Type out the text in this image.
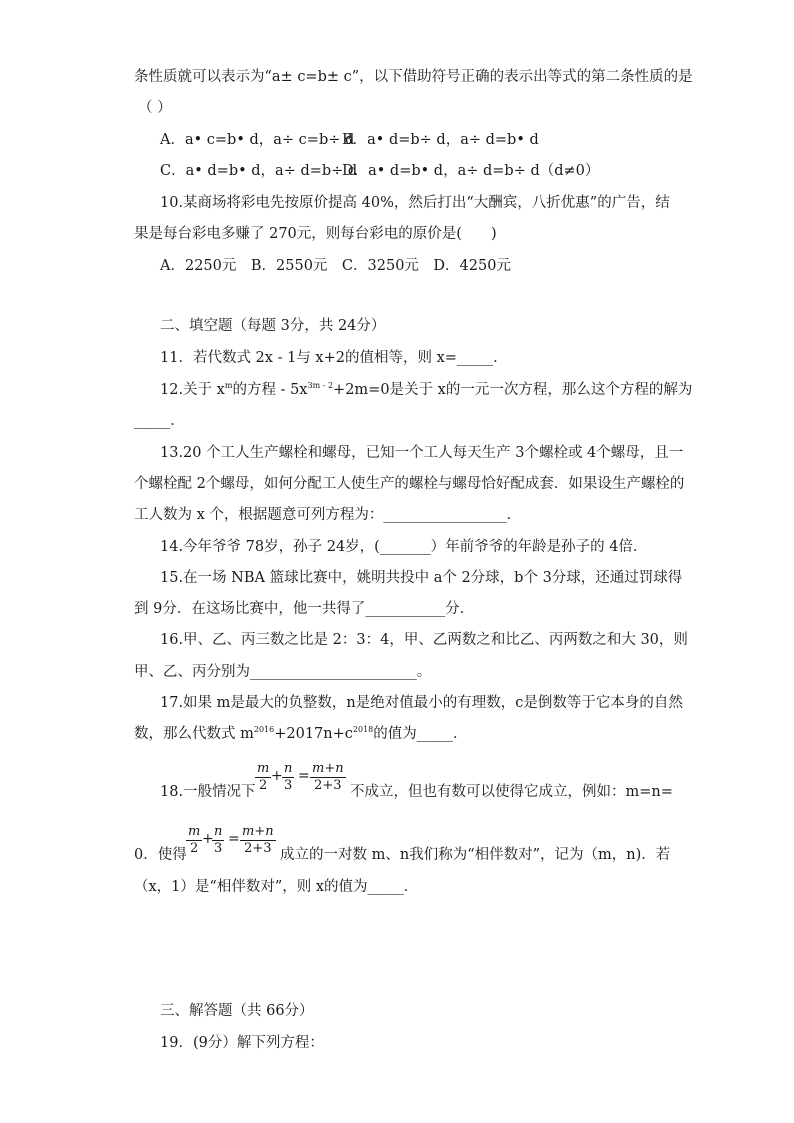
条性质就可以表示为“a± c=b± c”，以下借助符号正确的表示出等式的第二条性质的是
（ ）
A．a• c=b• d，a÷ c=b÷ d
B．a• d=b÷ d，a÷ d=b• d
C．a• d=b• d，a÷ d=b÷ d
D．a• d=b• d，a÷ d=b÷ d（d≠0）
10.某商场将彩电先按原价提高 40%，然后打出“大酬宾，八折优惠”的广告，结
果是每台彩电多赚了 270元，则每台彩电的原价是(　　)
A．2250元　B．2550元　C．3250元　D．4250元
二、填空题（每题 3分，共 24分）
11．若代数式 2x - 1与 x+2的值相等，则 x=_____．
12.关于 $x^m$的方程 - $5x^{3m - 2}+2m=0$是关于 x的一元一次方程，那么这个方程的解为
_____．
13.20 个工人生产螺栓和螺母，已知一个工人每天生产 3个螺栓或 4个螺母，且一
个螺栓配 2个螺母，如何分配工人使生产的螺栓与螺母恰好配成套．如果设生产螺栓的
工人数为 x 个，根据题意可列方程为：_________________．
14.今年爷爷 78岁，孙子 24岁，(_______）年前爷爷的年龄是孙子的 4倍．
15.在一场 NBA 篮球比赛中，姚明共投中 a个 2分球，b个 3分球，还通过罚球得
到 9分．在这场比赛中，他一共得了___________分．
16.甲、乙、丙三数之比是 2：3：4，甲、乙两数之和比乙、丙两数之和大 30，则
甲、乙、丙分别为_______________________。
17.如果 m是最大的负整数，n是绝对值最小的有理数，c是倒数等于它本身的自然
数，那么代数式 $m^{2016}+2017n+c^{2018}$的值为_____．
18.一般情况下 $\frac{m}{2} + \frac{n}{3} = \frac{m+n}{2+3}$ 不成立，但也有数可以使得它成立，例如：m=n=
0．使得 $\frac{m}{2}$ +
$\frac{n}{3} = \frac{m+n}{2+3}$ 成立的一对数 m、n我们称为“相伴数对”，记为（m，n)．若
（x，1）是“相伴数对”，则 x的值为_____．
三、解答题（共 66分）
19．(9分）解下列方程：
